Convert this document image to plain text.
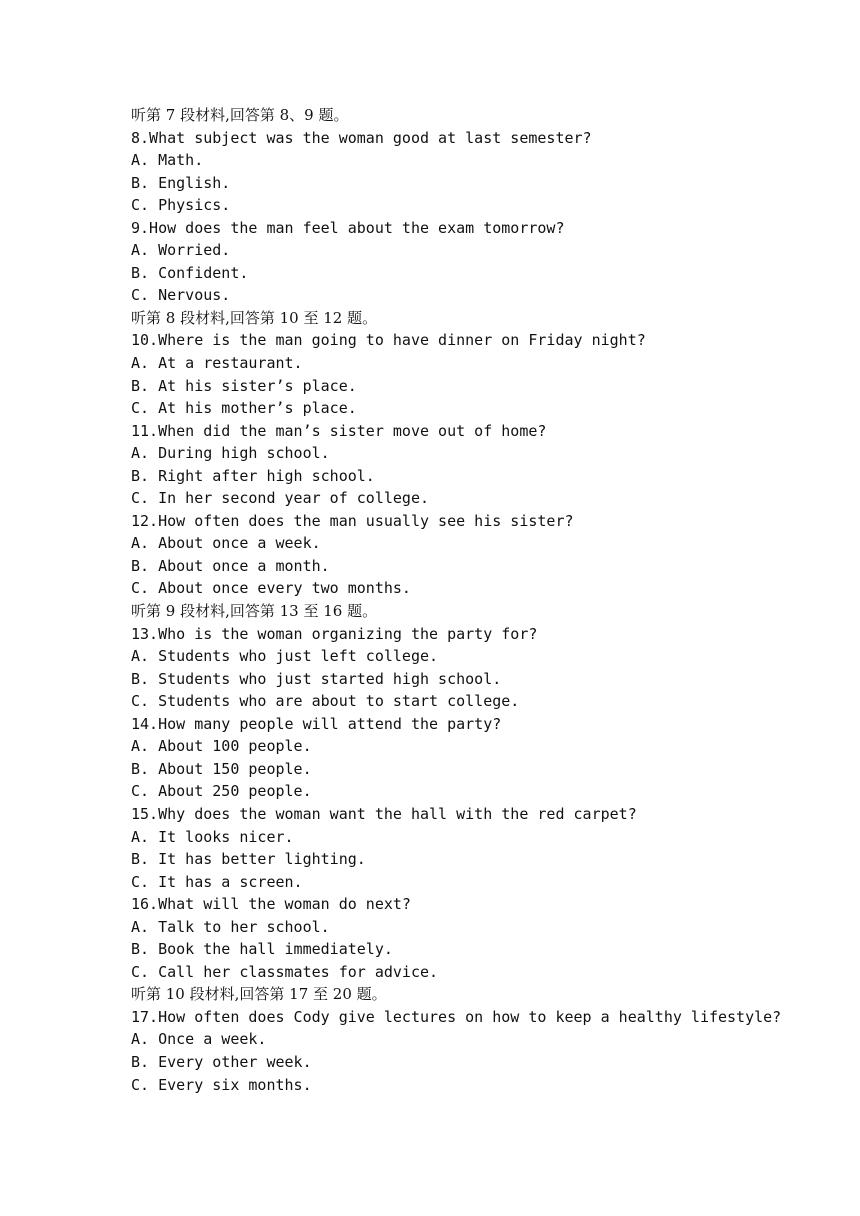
听第 7 段材料,回答第 8、9 题。
8.What subject was the woman good at last semester?
A. Math.
B. English.
C. Physics.
9.How does the man feel about the exam tomorrow?
A. Worried.
B. Confident.
C. Nervous.
听第 8 段材料,回答第 10 至 12 题。
10.Where is the man going to have dinner on Friday night?
A. At a restaurant.
B. At his sister’s place.
C. At his mother’s place.
11.When did the man’s sister move out of home?
A. During high school.
B. Right after high school.
C. In her second year of college.
12.How often does the man usually see his sister?
A. About once a week.
B. About once a month.
C. About once every two months.
听第 9 段材料,回答第 13 至 16 题。
13.Who is the woman organizing the party for?
A. Students who just left college.
B. Students who just started high school.
C. Students who are about to start college.
14.How many people will attend the party?
A. About 100 people.
B. About 150 people.
C. About 250 people.
15.Why does the woman want the hall with the red carpet?
A. It looks nicer.
B. It has better lighting.
C. It has a screen.
16.What will the woman do next?
A. Talk to her school.
B. Book the hall immediately.
C. Call her classmates for advice.
听第 10 段材料,回答第 17 至 20 题。
17.How often does Cody give lectures on how to keep a healthy lifestyle?
A. Once a week.
B. Every other week.
C. Every six months.
